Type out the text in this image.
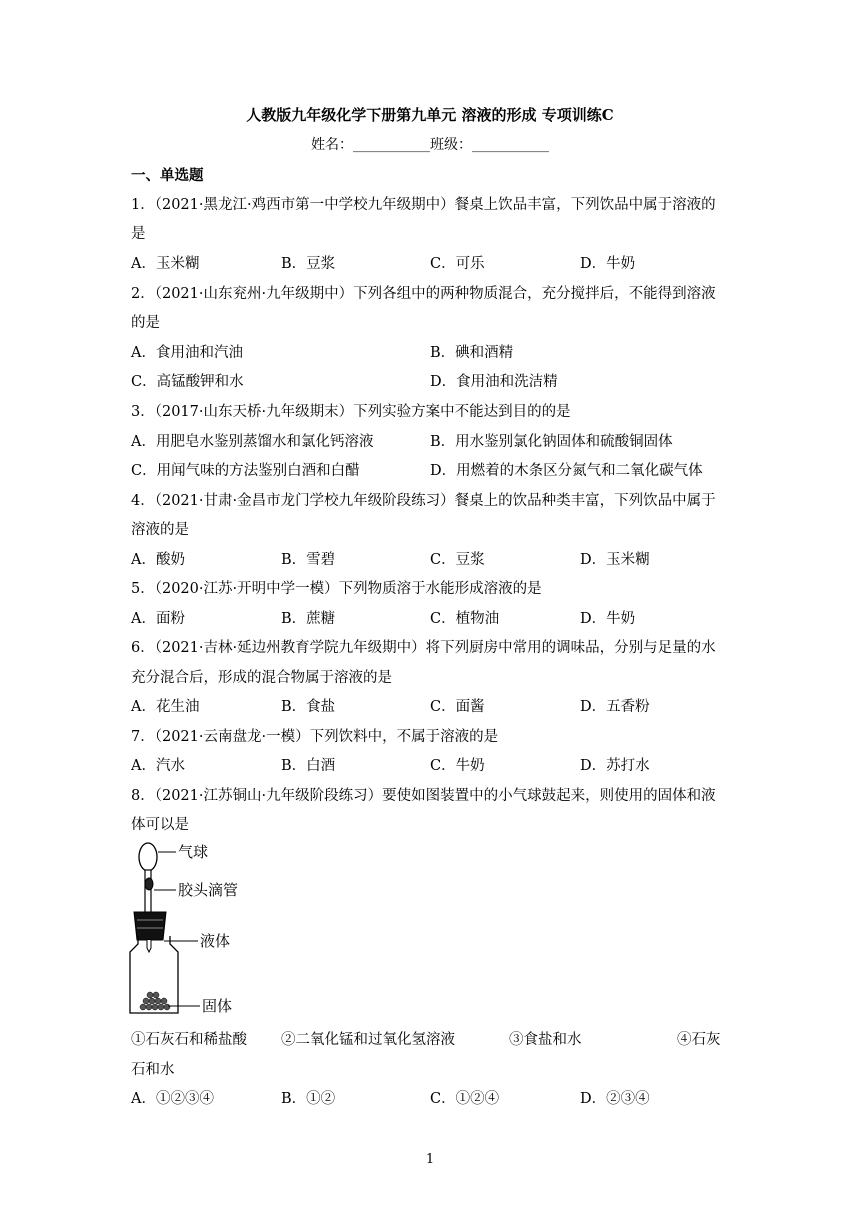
人教版九年级化学下册第九单元 溶液的形成 专项训练C
姓名：___________班级：___________
一、单选题
1．（2021·黑龙江·鸡西市第一中学校九年级期中）餐桌上饮品丰富，下列饮品中属于溶液的
是
A．玉米糊	B．豆浆	C．可乐	D．牛奶
2．（2021·山东兖州·九年级期中）下列各组中的两种物质混合，充分搅拌后，不能得到溶液
的是
A．食用油和汽油	B．碘和酒精
C．高锰酸钾和水	D．食用油和洗洁精
3．（2017·山东天桥·九年级期末）下列实验方案中不能达到目的的是
A．用肥皂水鉴别蒸馏水和氯化钙溶液	B．用水鉴别氯化钠固体和硫酸铜固体
C．用闻气味的方法鉴别白酒和白醋	D．用燃着的木条区分氮气和二氧化碳气体
4．（2021·甘肃·金昌市龙门学校九年级阶段练习）餐桌上的饮品种类丰富，下列饮品中属于
溶液的是
A．酸奶	B．雪碧	C．豆浆	D．玉米糊
5．（2020·江苏·开明中学一模）下列物质溶于水能形成溶液的是
A．面粉	B．蔗糖	C．植物油	D．牛奶
6．（2021·吉林·延边州教育学院九年级期中）将下列厨房中常用的调味品，分别与足量的水
充分混合后，形成的混合物属于溶液的是
A．花生油	B．食盐	C．面酱	D．五香粉
7．（2021·云南盘龙·一模）下列饮料中，不属于溶液的是
A．汽水	B．白酒	C．牛奶	D．苏打水
8．（2021·江苏铜山·九年级阶段练习）要使如图装置中的小气球鼓起来，则使用的固体和液
体可以是
气球
胶头滴管
液体
固体
①石灰石和稀盐酸 ②二氧化锰和过氧化氢溶液	③食盐和水	④石灰
石和水
A．①②③④	B．①②	C．①②④	D．②③④
1
